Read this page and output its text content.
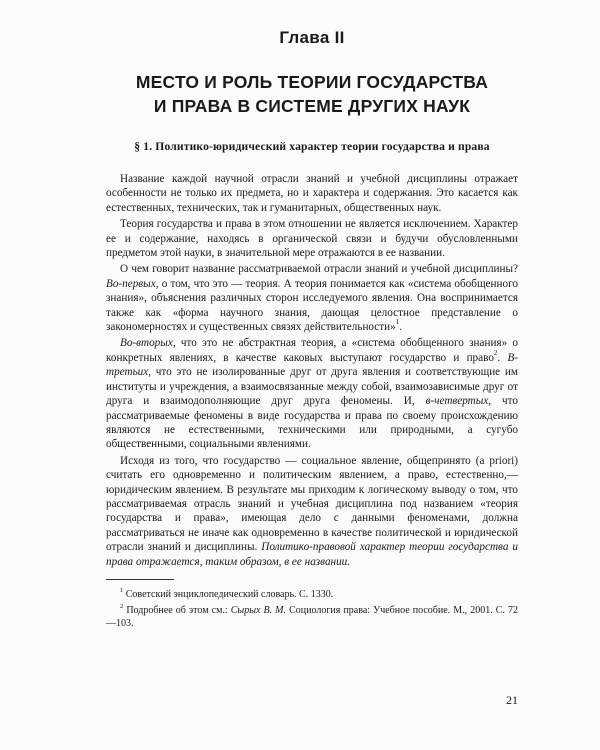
Глава II
МЕСТО И РОЛЬ ТЕОРИИ ГОСУДАРСТВА
И ПРАВА В СИСТЕМЕ ДРУГИХ НАУК
§ 1. Политико-юридический характер теории государства и права

Название каждой научной отрасли знаний и учебной дисциплины отражает особенности не только их предмета, но и характера и содержания. Это касается как естественных, технических, так и гуманитарных, общественных наук.

Теория государства и права в этом отношении не является исключением. Характер ее и содержание, находясь в органической связи и будучи обусловленными предметом этой науки, в значительной мере отражаются в ее названии.

О чем говорит название рассматриваемой отрасли знаний и учебной дисциплины? Во-первых, о том, что это — теория. А теория понимается как «система обобщенного знания», объяснения различных сторон исследуемого явления. Она воспринимается также как «форма научного знания, дающая целостное представление о закономерностях и существенных связях действительности»$^1$.

Во-вторых, что это не абстрактная теория, а «система обобщенного знания» о конкретных явлениях, в качестве каковых выступают государство и право$^2$. В-третьих, что это не изолированные друг от друга явления и соответствующие им институты и учреждения, а взаимосвязанные между собой, взаимозависимые друг от друга и взаимодополняющие друг друга феномены. И, в-четвертых, что рассматриваемые феномены в виде государства и права по своему происхождению являются не естественными, техническими или природными, а сугубо общественными, социальными явлениями.

Исходя из того, что государство — социальное явление, общепринято (a priori) считать его одновременно и политическим явлением, а право, естественно,— юридическим явлением. В результате мы приходим к логическому выводу о том, что рассматриваемая отрасль знаний и учебная дисциплина под названием «теория государства и права», имеющая дело с данными феноменами, должна рассматриваться не иначе как одновременно в качестве политической и юридической отрасли знаний и дисциплины. Политико-правовой характер теории государства и права отражается, таким образом, в ее названии.

$^1$ Советский энциклопедический словарь. С. 1330.

$^2$ Подробнее об этом см.: Сырых В. М. Социология права: Учебное пособие. М., 2001. С. 72—103.

21
